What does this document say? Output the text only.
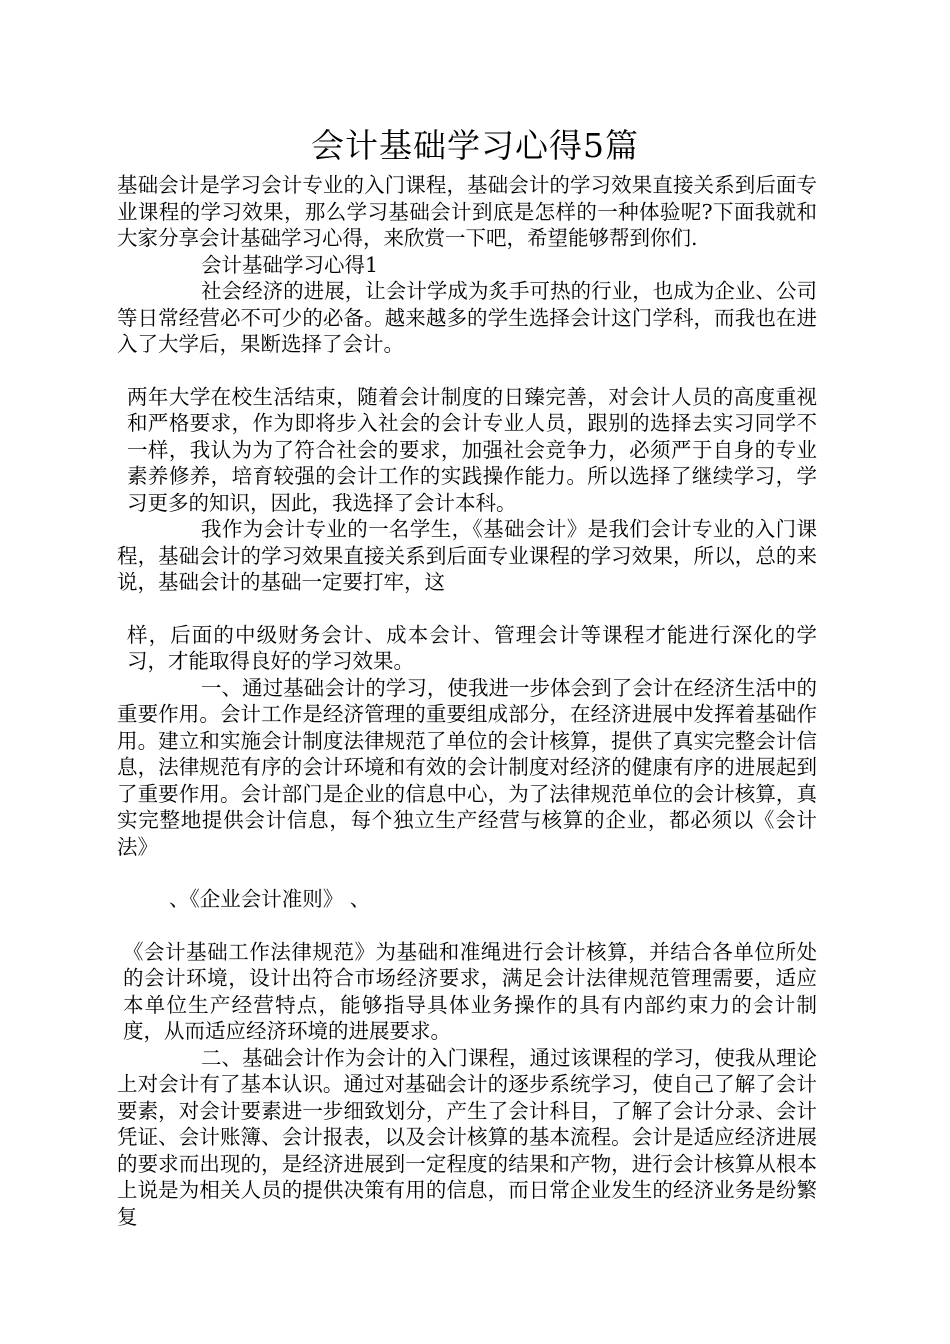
会计基础学习心得5篇

基础会计是学习会计专业的入门课程，基础会计的学习效果直接关系到后面专业课程的学习效果，那么学习基础会计到底是怎样的一种体验呢?下面我就和大家分享会计基础学习心得，来欣赏一下吧，希望能够帮到你们.

会计基础学习心得1

社会经济的进展，让会计学成为炙手可热的行业，也成为企业、公司等日常经营必不可少的必备。越来越多的学生选择会计这门学科，而我也在进入了大学后，果断选择了会计。

两年大学在校生活结束，随着会计制度的日臻完善，对会计人员的高度重视和严格要求，作为即将步入社会的会计专业人员，跟别的选择去实习同学不一样，我认为为了符合社会的要求，加强社会竞争力，必须严于自身的专业素养修养，培育较强的会计工作的实践操作能力。所以选择了继续学习，学习更多的知识，因此，我选择了会计本科。

我作为会计专业的一名学生，《基础会计》是我们会计专业的入门课程，基础会计的学习效果直接关系到后面专业课程的学习效果，所以，总的来说，基础会计的基础一定要打牢，这

样，后面的中级财务会计、成本会计、管理会计等课程才能进行深化的学习，才能取得良好的学习效果。

一、通过基础会计的学习，使我进一步体会到了会计在经济生活中的重要作用。会计工作是经济管理的重要组成部分，在经济进展中发挥着基础作用。建立和实施会计制度法律规范了单位的会计核算，提供了真实完整会计信息，法律规范有序的会计环境和有效的会计制度对经济的健康有序的进展起到了重要作用。会计部门是企业的信息中心，为了法律规范单位的会计核算，真实完整地提供会计信息，每个独立生产经营与核算的企业，都必须以《会计法》

、《企业会计准则》 、

《会计基础工作法律规范》为基础和准绳进行会计核算，并结合各单位所处的会计环境，设计出符合市场经济要求，满足会计法律规范管理需要，适应本单位生产经营特点，能够指导具体业务操作的具有内部约束力的会计制度，从而适应经济环境的进展要求。

二、基础会计作为会计的入门课程，通过该课程的学习，使我从理论上对会计有了基本认识。通过对基础会计的逐步系统学习，使自己了解了会计要素，对会计要素进一步细致划分，产生了会计科目，了解了会计分录、会计凭证、会计账簿、会计报表，以及会计核算的基本流程。会计是适应经济进展的要求而出现的，是经济进展到一定程度的结果和产物，进行会计核算从根本上说是为相关人员的提供决策有用的信息，而日常企业发生的经济业务是纷繁复
